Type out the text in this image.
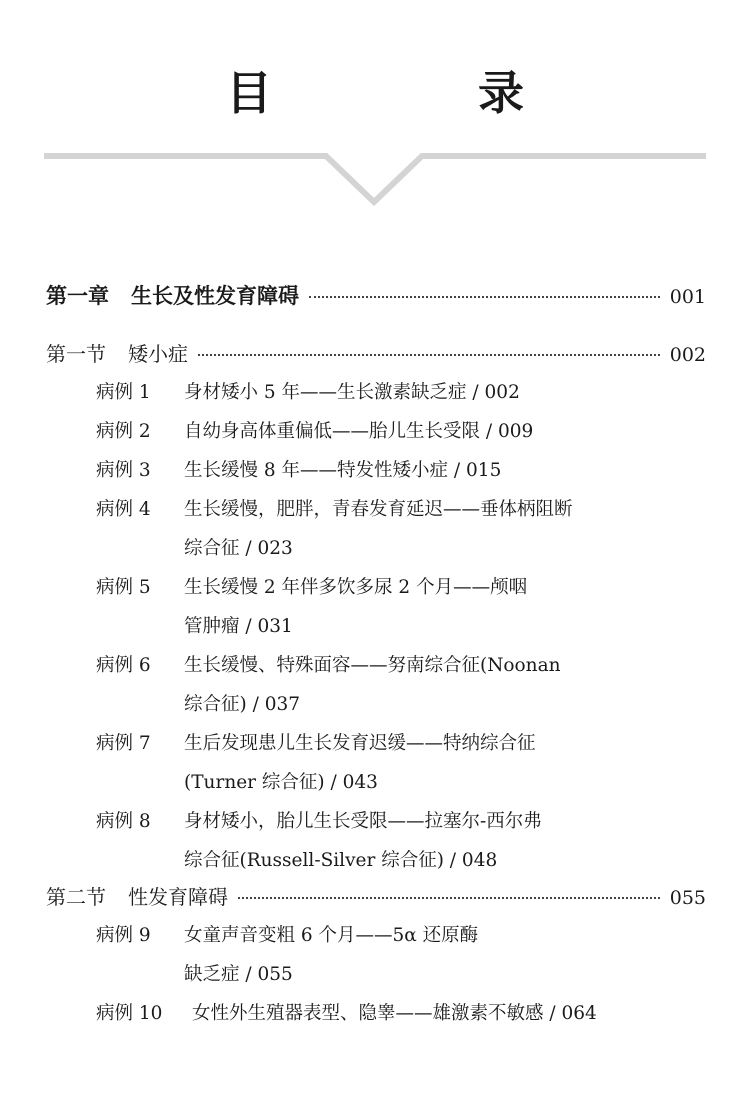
目　录
第一章 生长及性发育障碍	001
第一节 矮小症	002
病例 1	身材矮小 5 年——生长激素缺乏症 / 002
病例 2	自幼身高体重偏低——胎儿生长受限 / 009
病例 3	生长缓慢 8 年——特发性矮小症 / 015
病例 4	生长缓慢，肥胖，青春发育延迟——垂体柄阻断
综合征 / 023
病例 5	生长缓慢 2 年伴多饮多尿 2 个月——颅咽
管肿瘤 / 031
病例 6	生长缓慢、特殊面容——努南综合征(Noonan
综合征) / 037
病例 7	生后发现患儿生长发育迟缓——特纳综合征
(Turner 综合征) / 043
病例 8	身材矮小，胎儿生长受限——拉塞尔-西尔弗
综合征(Russell-Silver 综合征) / 048
第二节 性发育障碍	055
病例 9	女童声音变粗 6 个月——5α 还原酶
缺乏症 / 055
病例 10	女性外生殖器表型、隐睾——雄激素不敏感 / 064
